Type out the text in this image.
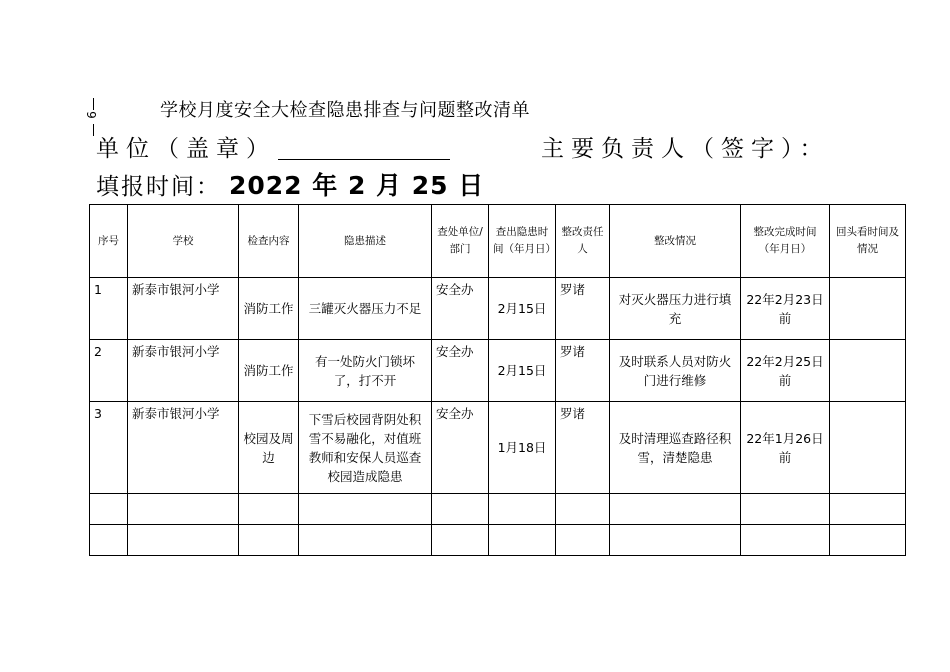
9	学校月度安全大检查隐患排查与问题整改清单
单位（盖章）	主要负责人（签字）：
填报时间： 2022 年 2 月 25 日
序号	学校	检查内容	隐患描述	查处单位/部门	查出隐患时间（年月日）	整改责任人	整改情况	整改完成时间（年月日）	回头看时间及情况
1	新泰市银河小学	消防工作	三罐灭火器压力不足	安全办	2月15日	罗诸	对灭火器压力进行填充	22年2月23日前	
2	新泰市银河小学	消防工作	有一处防火门锁坏了，打不开	安全办	2月15日	罗诸	及时联系人员对防火门进行维修	22年2月25日前	
3	新泰市银河小学	校园及周边	下雪后校园背阴处积雪不易融化，对值班教师和安保人员巡查校园造成隐患	安全办	1月18日	罗诸	及时清理巡查路径积雪，清楚隐患	22年1月26日前	
